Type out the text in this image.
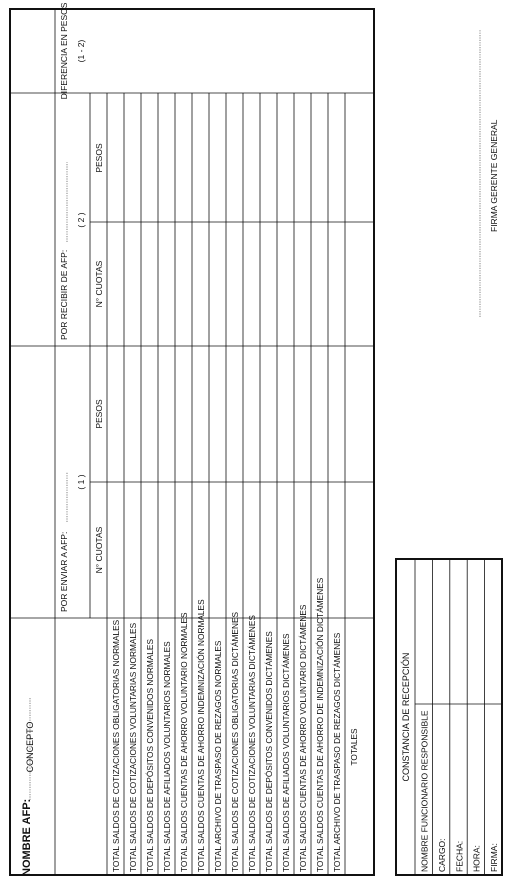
NOMBRE AFP:
CONCEPTO
POR ENVIAR A AFP:
( 1 )
POR RECIBIR DE AFP:
( 2 )
DIFERENCIA EN PESOS (1 - 2)
N° CUOTAS
PESOS
N° CUOTAS
PESOS
TOTAL SALDOS DE COTIZACIONES OBLIGATORIAS NORMALES TOTAL SALDOS DE COTIZACIONES VOLUNTARIAS NORMALES TOTAL SALDOS DE DEPÓSITOS CONVENIDOS NORMALES TOTAL SALDOS DE AFILIADOS VOLUNTARIOS NORMALES TOTAL SALDOS CUENTAS DE AHORRO VOLUNTARIO NORMALES TOTAL SALDOS CUENTAS DE AHORRO INDEMNIZACIÓN NORMALES TOTAL ARCHIVO DE TRASPASO DE REZAGOS NORMALES TOTAL SALDOS DE COTIZACIONES OBLIGATORIAS DICTÁMENES TOTAL SALDOS DE COTIZACIONES VOLUNTARIAS DICTÁMENES TOTAL SALDOS DE DEPÓSITOS CONVENIDOS DICTÁMENES TOTAL SALDOS DE AFILIADOS VOLUNTARIOS DICTÁMENES TOTAL SALDOS CUENTAS DE AHORRO VOLUNTARIO DICTÁMENES TOTAL SALDOS CUENTAS DE AHORRO DE INDEMNIZACIÓN DICTÁMENES TOTAL ARCHIVO DE TRASPASO DE REZAGOS DICTÁMENES TOTALES	CONSTANCIA DE RECEPCIÓN NOMBRE FUNCIONARIO RESPONSIBLE CARGO: FECHA: HORA: FIRMA:
FIRMA GERENTE GENERAL
